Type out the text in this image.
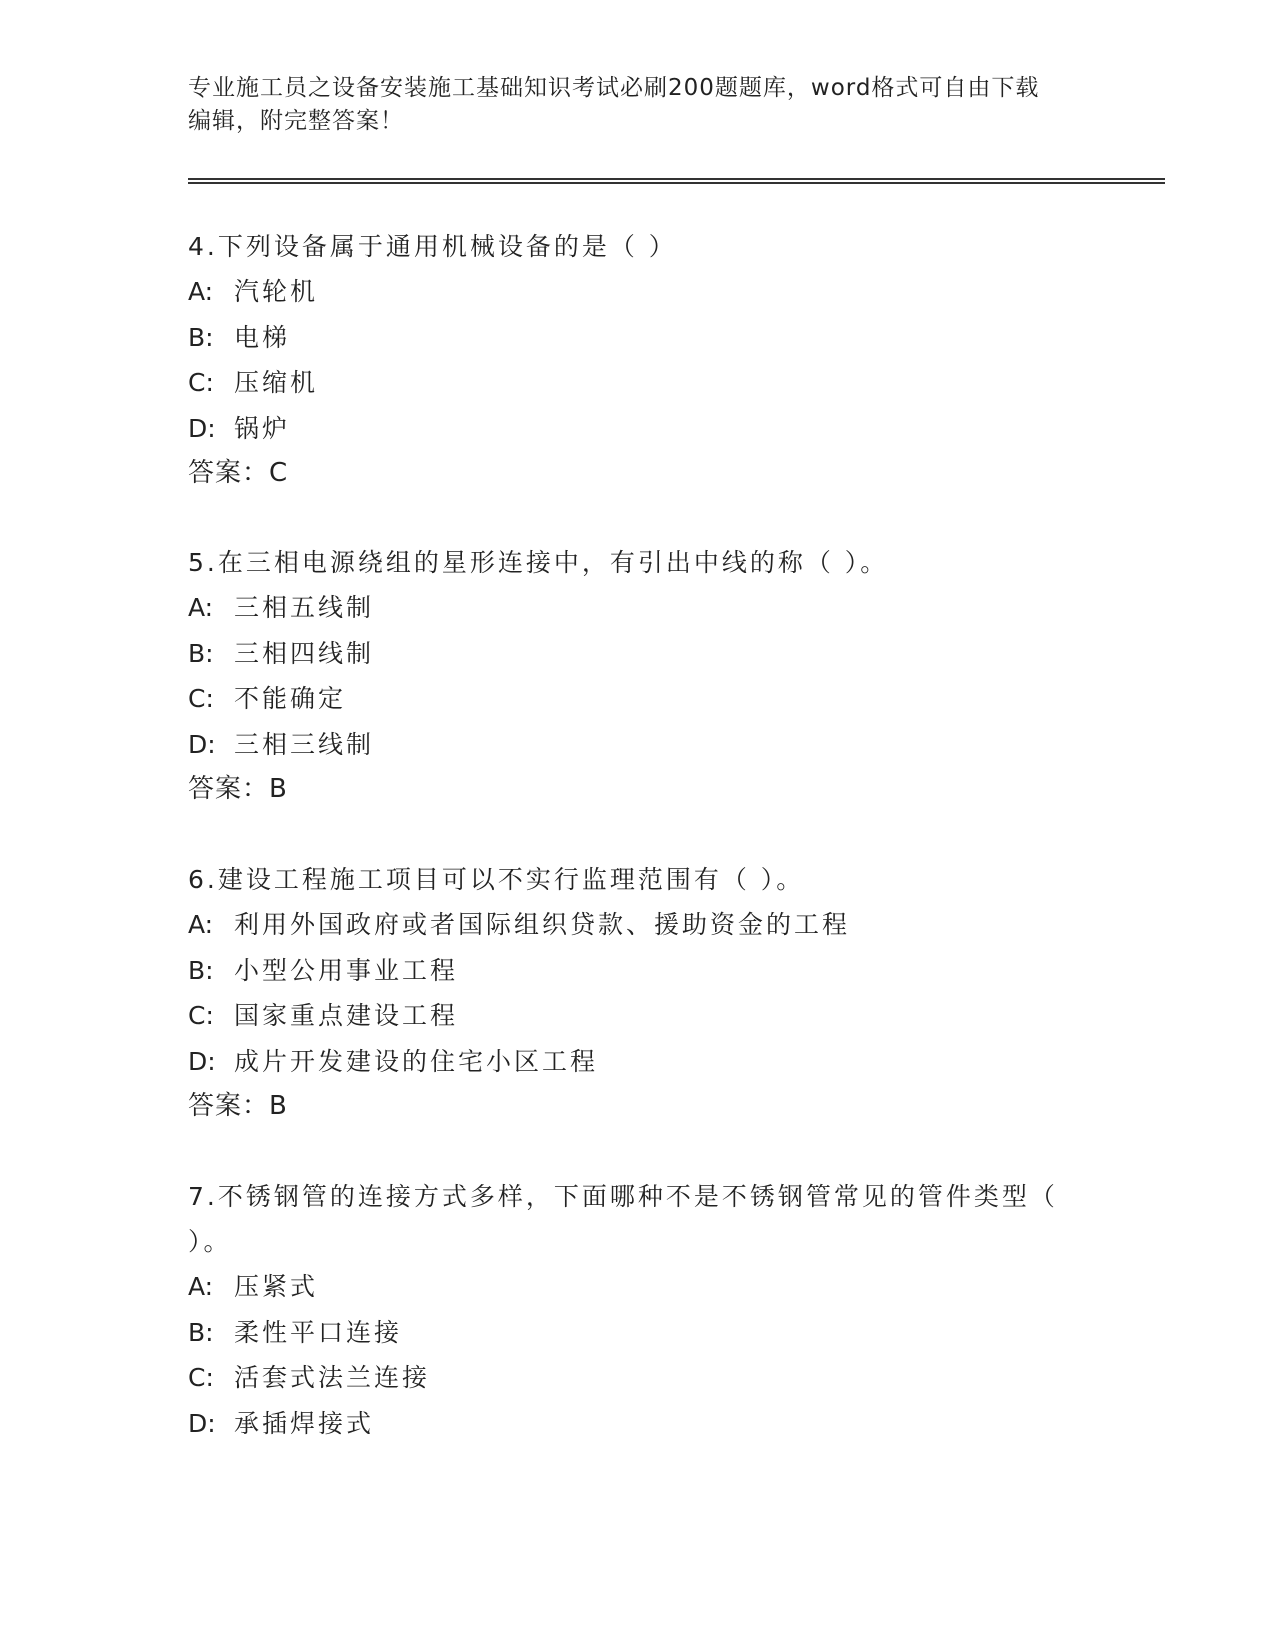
专业施工员之设备安装施工基础知识考试必刷200题题库，word格式可自由下载
编辑，附完整答案！

4.下列设备属于通用机械设备的是（ ）

A: 汽轮机

B: 电梯

C: 压缩机

D: 锅炉

答案：C

5.在三相电源绕组的星形连接中，有引出中线的称（ ）。

A: 三相五线制

B: 三相四线制

C: 不能确定

D: 三相三线制

答案：B

6.建设工程施工项目可以不实行监理范围有（ ）。

A: 利用外国政府或者国际组织贷款、援助资金的工程

B: 小型公用事业工程

C: 国家重点建设工程

D: 成片开发建设的住宅小区工程

答案：B

7.不锈钢管的连接方式多样，下面哪种不是不锈钢管常见的管件类型（ ）。

A: 压紧式

B: 柔性平口连接

C: 活套式法兰连接

D: 承插焊接式
